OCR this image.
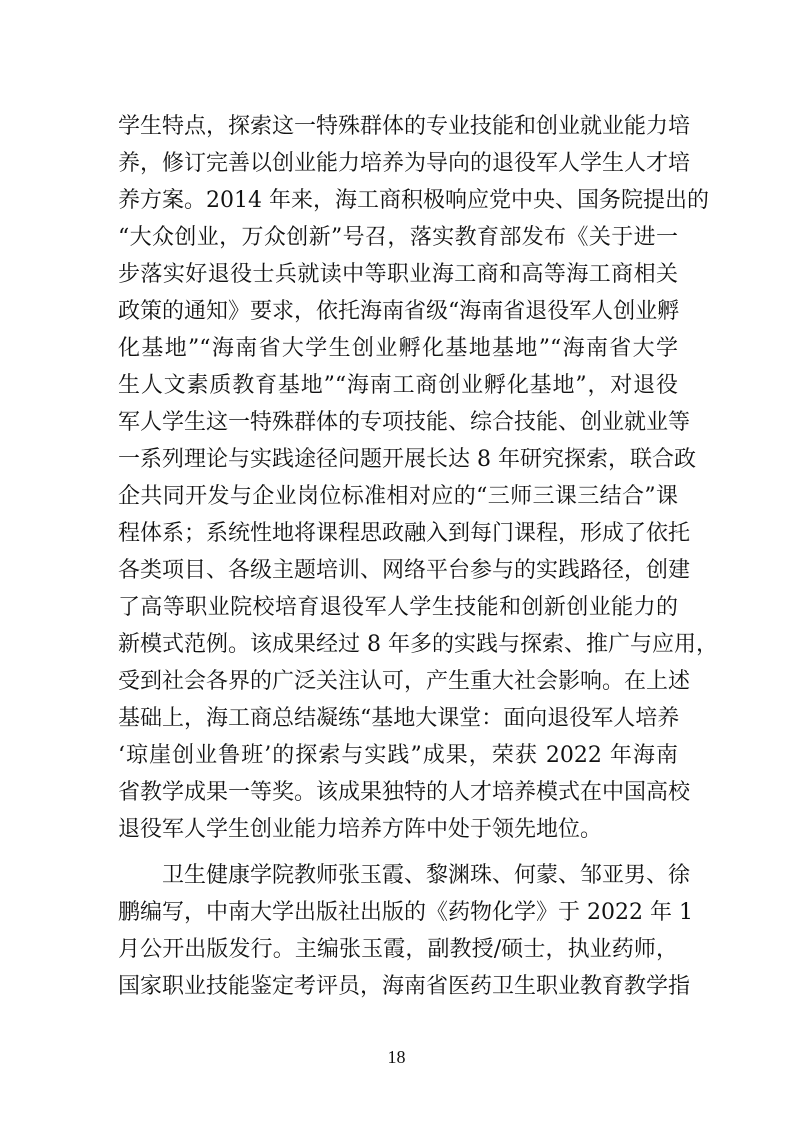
学生特点，探索这一特殊群体的专业技能和创业就业能力培
养，修订完善以创业能力培养为导向的退役军人学生人才培
养方案。2014 年来，海工商积极响应党中央、国务院提出的
“大众创业，万众创新”号召，落实教育部发布《关于进一
步落实好退役士兵就读中等职业海工商和高等海工商相关
政策的通知》要求，依托海南省级“海南省退役军人创业孵
化基地”“海南省大学生创业孵化基地基地”“海南省大学
生人文素质教育基地”“海南工商创业孵化基地”，对退役
军人学生这一特殊群体的专项技能、综合技能、创业就业等
一系列理论与实践途径问题开展长达 8 年研究探索，联合政
企共同开发与企业岗位标准相对应的“三师三课三结合”课
程体系；系统性地将课程思政融入到每门课程，形成了依托
各类项目、各级主题培训、网络平台参与的实践路径，创建
了高等职业院校培育退役军人学生技能和创新创业能力的
新模式范例。该成果经过 8 年多的实践与探索、推广与应用，
受到社会各界的广泛关注认可，产生重大社会影响。在上述
基础上，海工商总结凝练“基地大课堂：面向退役军人培养
‘琼崖创业鲁班’的探索与实践”成果，荣获 2022 年海南
省教学成果一等奖。该成果独特的人才培养模式在中国高校
退役军人学生创业能力培养方阵中处于领先地位。
卫生健康学院教师张玉霞、黎渊珠、何蒙、邹亚男、徐
鹏编写，中南大学出版社出版的《药物化学》于 2022 年 1
月公开出版发行。主编张玉霞，副教授/硕士，执业药师，
国家职业技能鉴定考评员，海南省医药卫生职业教育教学指
18
